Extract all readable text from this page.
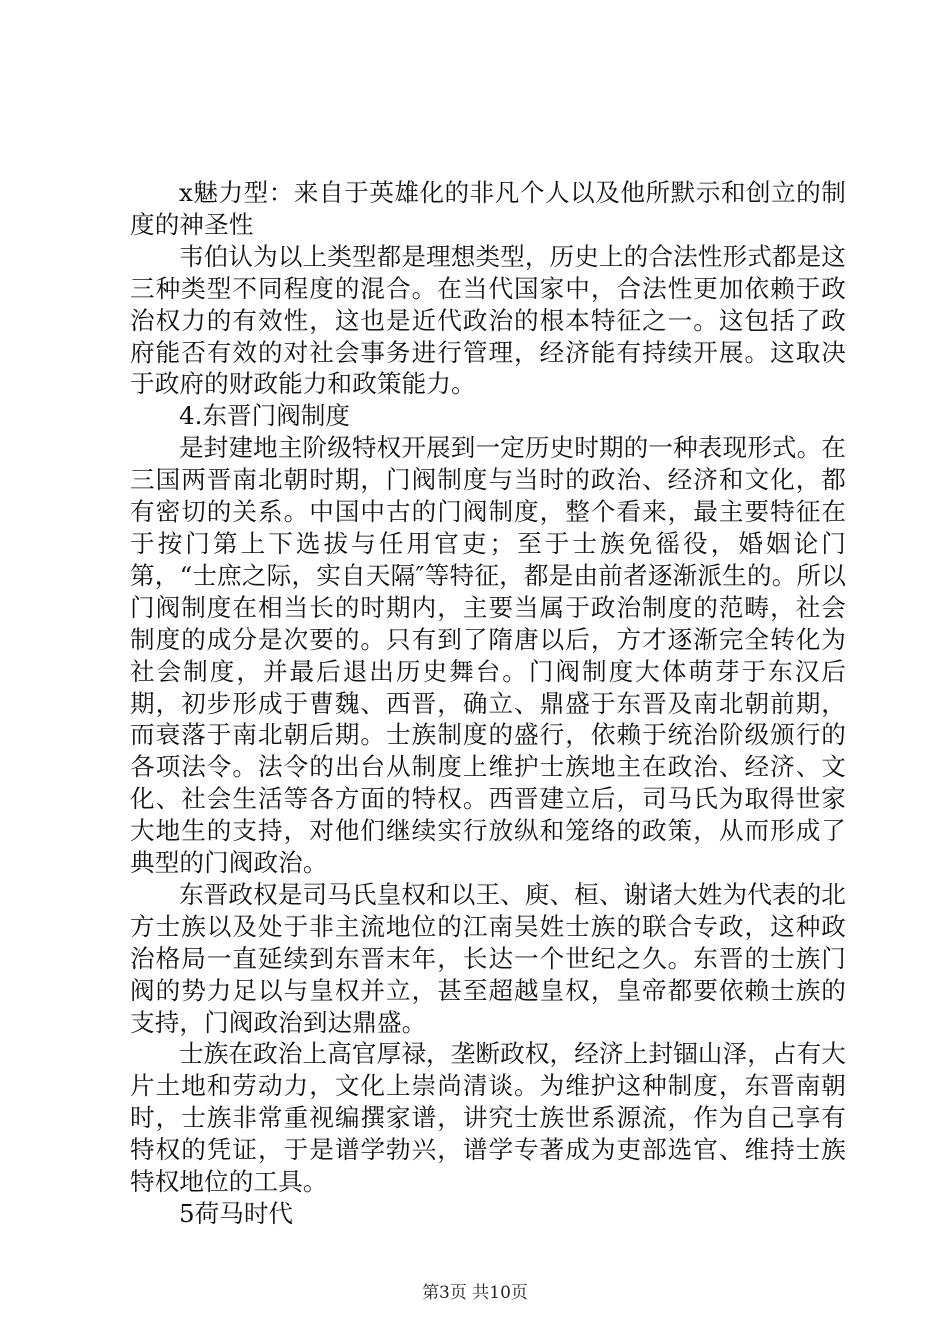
x魅力型：来自于英雄化的非凡个人以及他所默示和创立的制度的神圣性

韦伯认为以上类型都是理想类型，历史上的合法性形式都是这三种类型不同程度的混合。在当代国家中，合法性更加依赖于政治权力的有效性，这也是近代政治的根本特征之一。这包括了政府能否有效的对社会事务进行管理，经济能有持续开展。这取决于政府的财政能力和政策能力。

4.东晋门阀制度

是封建地主阶级特权开展到一定历史时期的一种表现形式。在三国两晋南北朝时期，门阀制度与当时的政治、经济和文化，都有密切的关系。中国中古的门阀制度，整个看来，最主要特征在于按门第上下选拔与任用官吏；至于士族免徭役，婚姻论门第，“士庶之际，实自天隔″等特征，都是由前者逐渐派生的。所以门阀制度在相当长的时期内，主要当属于政治制度的范畴，社会制度的成分是次要的。只有到了隋唐以后，方才逐渐完全转化为社会制度，并最后退出历史舞台。门阀制度大体萌芽于东汉后期，初步形成于曹魏、西晋，确立、鼎盛于东晋及南北朝前期，而衰落于南北朝后期。士族制度的盛行，依赖于统治阶级颁行的各项法令。法令的出台从制度上维护士族地主在政治、经济、文化、社会生活等各方面的特权。西晋建立后，司马氏为取得世家大地生的支持，对他们继续实行放纵和笼络的政策，从而形成了典型的门阀政治。

东晋政权是司马氏皇权和以王、庾、桓、谢诸大姓为代表的北方士族以及处于非主流地位的江南吴姓士族的联合专政，这种政治格局一直延续到东晋末年，长达一个世纪之久。东晋的士族门阀的势力足以与皇权并立，甚至超越皇权，皇帝都要依赖士族的支持，门阀政治到达鼎盛。

士族在政治上高官厚禄，垄断政权，经济上封锢山泽，占有大片土地和劳动力，文化上崇尚清谈。为维护这种制度，东晋南朝时，士族非常重视编撰家谱，讲究士族世系源流，作为自己享有特权的凭证，于是谱学勃兴，谱学专著成为吏部选官、维持士族特权地位的工具。

5荷马时代

第3页 共10页
